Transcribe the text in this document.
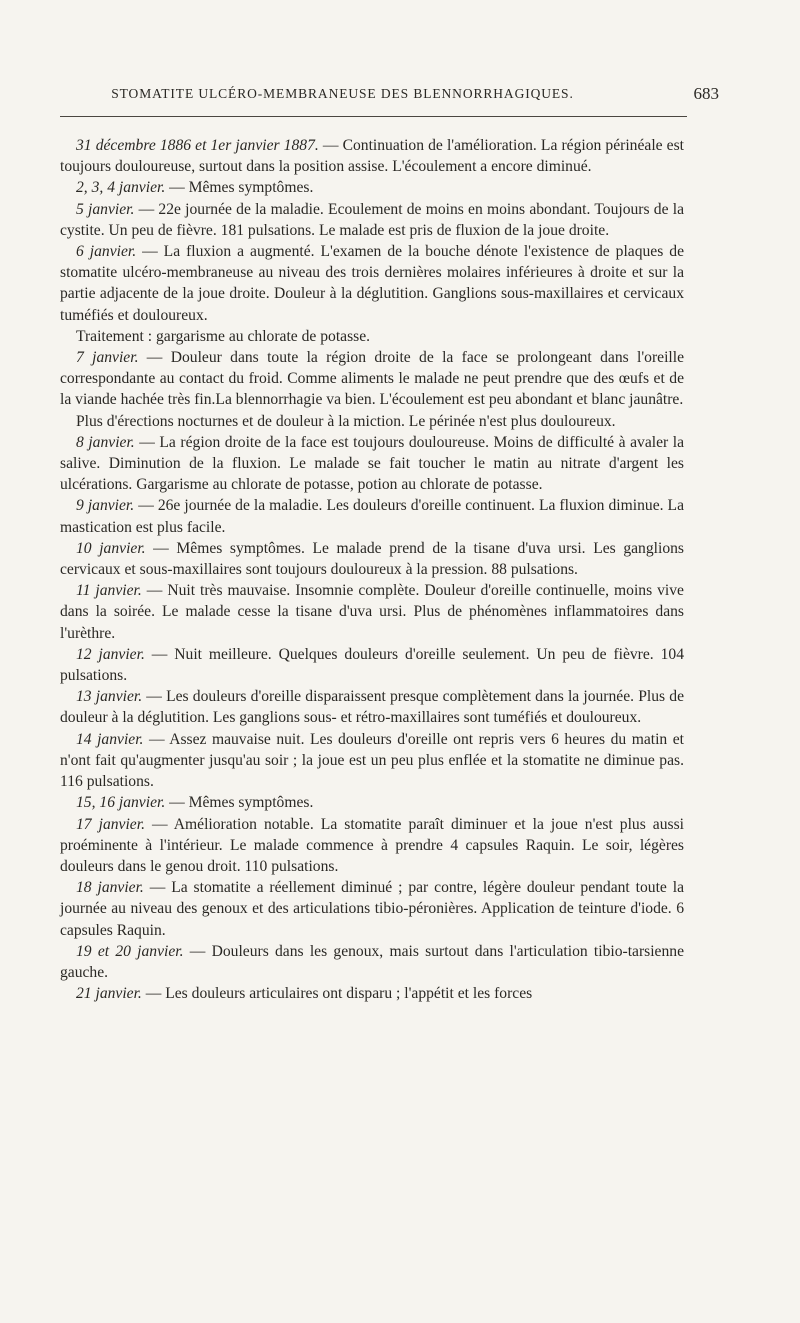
STOMATITE ULCÉRO-MEMBRANEUSE DES BLENNORRHAGIQUES.	683

31 décembre 1886 et 1er janvier 1887. — Continuation de l'amélioration. La région périnéale est toujours douloureuse, surtout dans la position assise. L'écoulement a encore diminué.

2, 3, 4 janvier. — Mêmes symptômes.

5 janvier. — 22e journée de la maladie. Ecoulement de moins en moins abondant. Toujours de la cystite. Un peu de fièvre. 181 pulsations. Le malade est pris de fluxion de la joue droite.

6 janvier. — La fluxion a augmenté. L'examen de la bouche dénote l'existence de plaques de stomatite ulcéro-membraneuse au niveau des trois dernières molaires inférieures à droite et sur la partie adjacente de la joue droite. Douleur à la déglutition. Ganglions sous-maxillaires et cervicaux tuméfiés et douloureux.

Traitement : gargarisme au chlorate de potasse.

7 janvier. — Douleur dans toute la région droite de la face se prolongeant dans l'oreille correspondante au contact du froid. Comme aliments le malade ne peut prendre que des œufs et de la viande hachée très fin.La blennorrhagie va bien. L'écoulement est peu abondant et blanc jaunâtre.

Plus d'érections nocturnes et de douleur à la miction. Le périnée n'est plus douloureux.

8 janvier. — La région droite de la face est toujours douloureuse. Moins de difficulté à avaler la salive. Diminution de la fluxion. Le malade se fait toucher le matin au nitrate d'argent les ulcérations. Gargarisme au chlorate de potasse, potion au chlorate de potasse.

9 janvier. — 26e journée de la maladie. Les douleurs d'oreille continuent. La fluxion diminue. La mastication est plus facile.

10 janvier. — Mêmes symptômes. Le malade prend de la tisane d'uva ursi. Les ganglions cervicaux et sous-maxillaires sont toujours douloureux à la pression. 88 pulsations.

11 janvier. — Nuit très mauvaise. Insomnie complète. Douleur d'oreille continuelle, moins vive dans la soirée. Le malade cesse la tisane d'uva ursi. Plus de phénomènes inflammatoires dans l'urèthre.

12 janvier. — Nuit meilleure. Quelques douleurs d'oreille seulement. Un peu de fièvre. 104 pulsations.

13 janvier. — Les douleurs d'oreille disparaissent presque complètement dans la journée. Plus de douleur à la déglutition. Les ganglions sous- et rétro-maxillaires sont tuméfiés et douloureux.

14 janvier. — Assez mauvaise nuit. Les douleurs d'oreille ont repris vers 6 heures du matin et n'ont fait qu'augmenter jusqu'au soir ; la joue est un peu plus enflée et la stomatite ne diminue pas. 116 pulsations.

15, 16 janvier. — Mêmes symptômes.

17 janvier. — Amélioration notable. La stomatite paraît diminuer et la joue n'est plus aussi proéminente à l'intérieur. Le malade commence à prendre 4 capsules Raquin. Le soir, légères douleurs dans le genou droit. 110 pulsations.

18 janvier. — La stomatite a réellement diminué ; par contre, légère douleur pendant toute la journée au niveau des genoux et des articulations tibio-péronières. Application de teinture d'iode. 6 capsules Raquin.

19 et 20 janvier. — Douleurs dans les genoux, mais surtout dans l'articulation tibio-tarsienne gauche.

21 janvier. — Les douleurs articulaires ont disparu ; l'appétit et les forces
